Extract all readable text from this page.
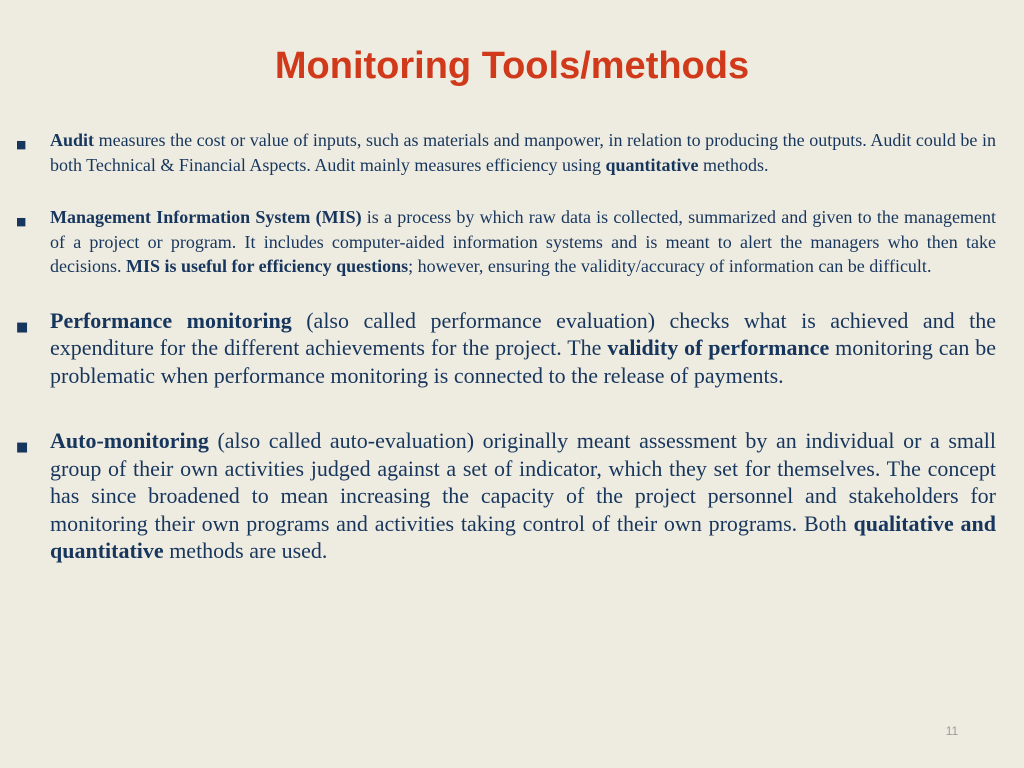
Monitoring Tools/methods
■	Audit measures the cost or value of inputs, such as materials and manpower, in relation to producing the outputs. Audit could be in both Technical & Financial Aspects. Audit mainly measures efficiency using quantitative methods.
■	Management Information System (MIS) is a process by which raw data is collected, summarized and given to the management of a project or program. It includes computer-aided information systems and is meant to alert the managers who then take decisions. MIS is useful for efficiency questions; however, ensuring the validity/accuracy of information can be difficult.
■ Performance monitoring (also called performance evaluation) checks what is achieved and the expenditure for the different achievements for the project. The validity of performance monitoring can be problematic when performance monitoring is connected to the release of payments.
■ Auto-monitoring (also called auto-evaluation) originally meant assessment by an individual or a small group of their own activities judged against a set of indicator, which they set for themselves. The concept has since broadened to mean increasing the capacity of the project personnel and stakeholders for monitoring their own programs and activities taking control of their own programs. Both qualitative and quantitative methods are used.
11
